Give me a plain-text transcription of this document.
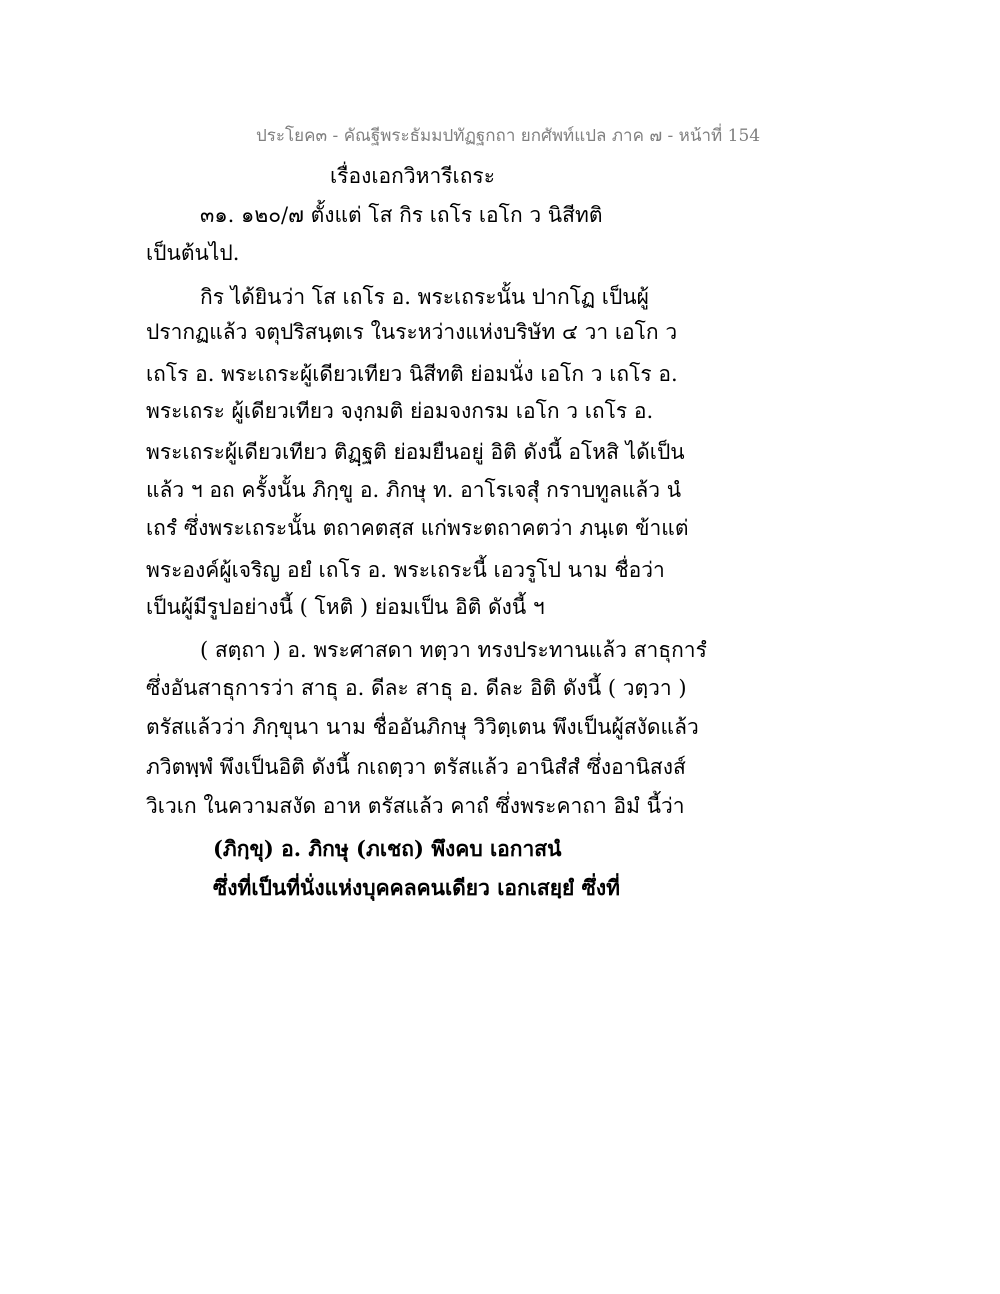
ประโยค๓ - คัณฐีพระธัมมปทัฏฐกถา ยกศัพท์แปล ภาค ๗ - หน้าที่ 154
เรื่องเอกวิหารีเถระ
๓๑. ๑๒๐/๗ ตั้งแต่ โส กิร เถโร เอโก ว นิสีทติ
เป็นต้นไป.
กิร ได้ยินว่า โส เถโร อ. พระเถระนั้น ปากโฏ เป็นผู้
ปรากฏแล้ว จตุปริสนฺตเร ในระหว่างแห่งบริษัท ๔ วา เอโก ว
เถโร อ. พระเถระผู้เดียวเทียว นิสีทติ ย่อมนั่ง เอโก ว เถโร อ.
พระเถระ ผู้เดียวเทียว จงฺกมติ ย่อมจงกรม เอโก ว เถโร อ.
พระเถระผู้เดียวเทียว ติฏฺฐติ ย่อมยืนอยู่ อิติ ดังนี้ อโหสิ ได้เป็น
แล้ว ฯ อถ ครั้งนั้น ภิกฺขู อ. ภิกษุ ท. อาโรเจสุํ กราบทูลแล้ว นํ
เถรํ ซึ่งพระเถระนั้น ตถาคตสฺส แก่พระตถาคตว่า ภนฺเต ข้าแต่
พระองค์ผู้เจริญ อยํ เถโร อ. พระเถระนี้ เอวรูโป นาม ชื่อว่า
เป็นผู้มีรูปอย่างนี้ ( โหติ ) ย่อมเป็น อิติ ดังนี้ ฯ
( สตฺถา ) อ. พระศาสดา ทตฺวา ทรงประทานแล้ว สาธุการํ
ซึ่งอันสาธุการว่า สาธุ อ. ดีละ สาธุ อ. ดีละ อิติ ดังนี้ ( วตฺวา )
ตรัสแล้วว่า ภิกฺขุนา นาม ชื่ออันภิกษุ วิวิตฺเตน พึงเป็นผู้สงัดแล้ว
ภวิตพฺพํ พึงเป็นอิติ ดังนี้ กเถตฺวา ตรัสแล้ว อานิสํสํ ซึ่งอานิสงส์
วิเวเก ในความสงัด อาห ตรัสแล้ว คาถํ ซึ่งพระคาถา อิมํ นี้ว่า
(ภิกฺขุ) อ. ภิกษุ (ภเชถ) พึงคบ เอกาสนํ
ซึ่งที่เป็นที่นั่งแห่งบุคคลคนเดียว เอกเสยฺยํ ซึ่งที่
